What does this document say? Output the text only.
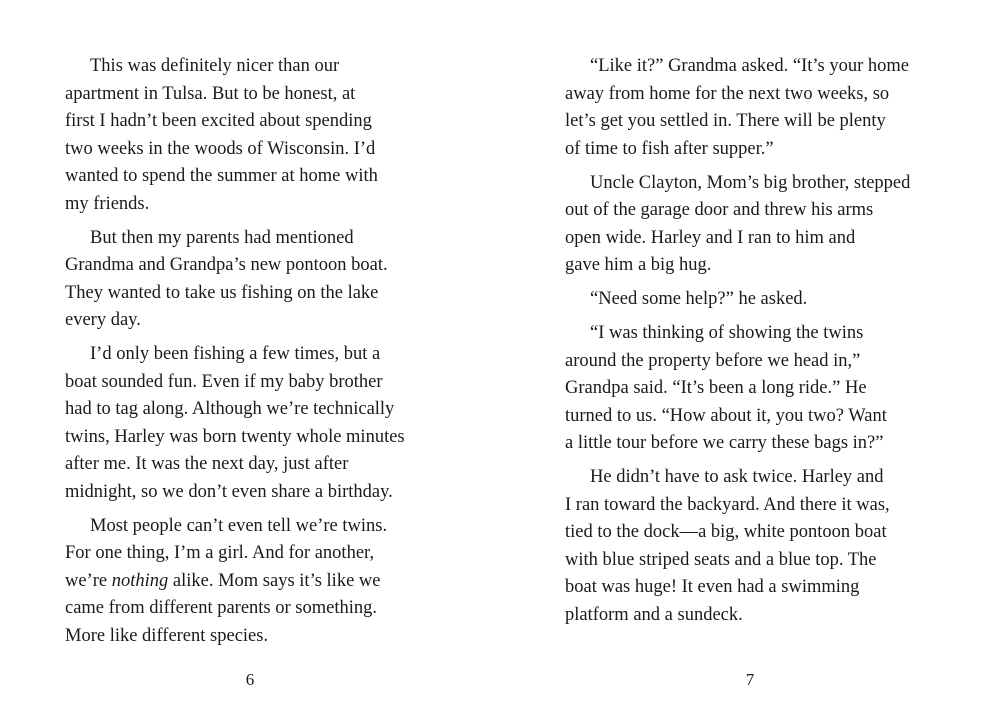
This was definitely nicer than our
apartment in Tulsa. But to be honest, at
first I hadn’t been excited about spending
two weeks in the woods of Wisconsin. I’d
wanted to spend the summer at home with
my friends.
But then my parents had mentioned
Grandma and Grandpa’s new pontoon boat.
They wanted to take us fishing on the lake
every day.
I’d only been fishing a few times, but a
boat sounded fun. Even if my baby brother
had to tag along. Although we’re technically
twins, Harley was born twenty whole minutes
after me. It was the next day, just after
midnight, so we don’t even share a birthday.
Most people can’t even tell we’re twins.
For one thing, I’m a girl. And for another,
we’re nothing alike. Mom says it’s like we
came from different parents or something.
More like different species.
6
“Like it?” Grandma asked. “It’s your home
away from home for the next two weeks, so
let’s get you settled in. There will be plenty
of time to fish after supper.”
Uncle Clayton, Mom’s big brother, stepped
out of the garage door and threw his arms
open wide. Harley and I ran to him and
gave him a big hug.
“Need some help?” he asked.
“I was thinking of showing the twins
around the property before we head in,”
Grandpa said. “It’s been a long ride.” He
turned to us. “How about it, you two? Want
a little tour before we carry these bags in?”
He didn’t have to ask twice. Harley and
I ran toward the backyard. And there it was,
tied to the dock—a big, white pontoon boat
with blue striped seats and a blue top. The
boat was huge! It even had a swimming
platform and a sundeck.
7
